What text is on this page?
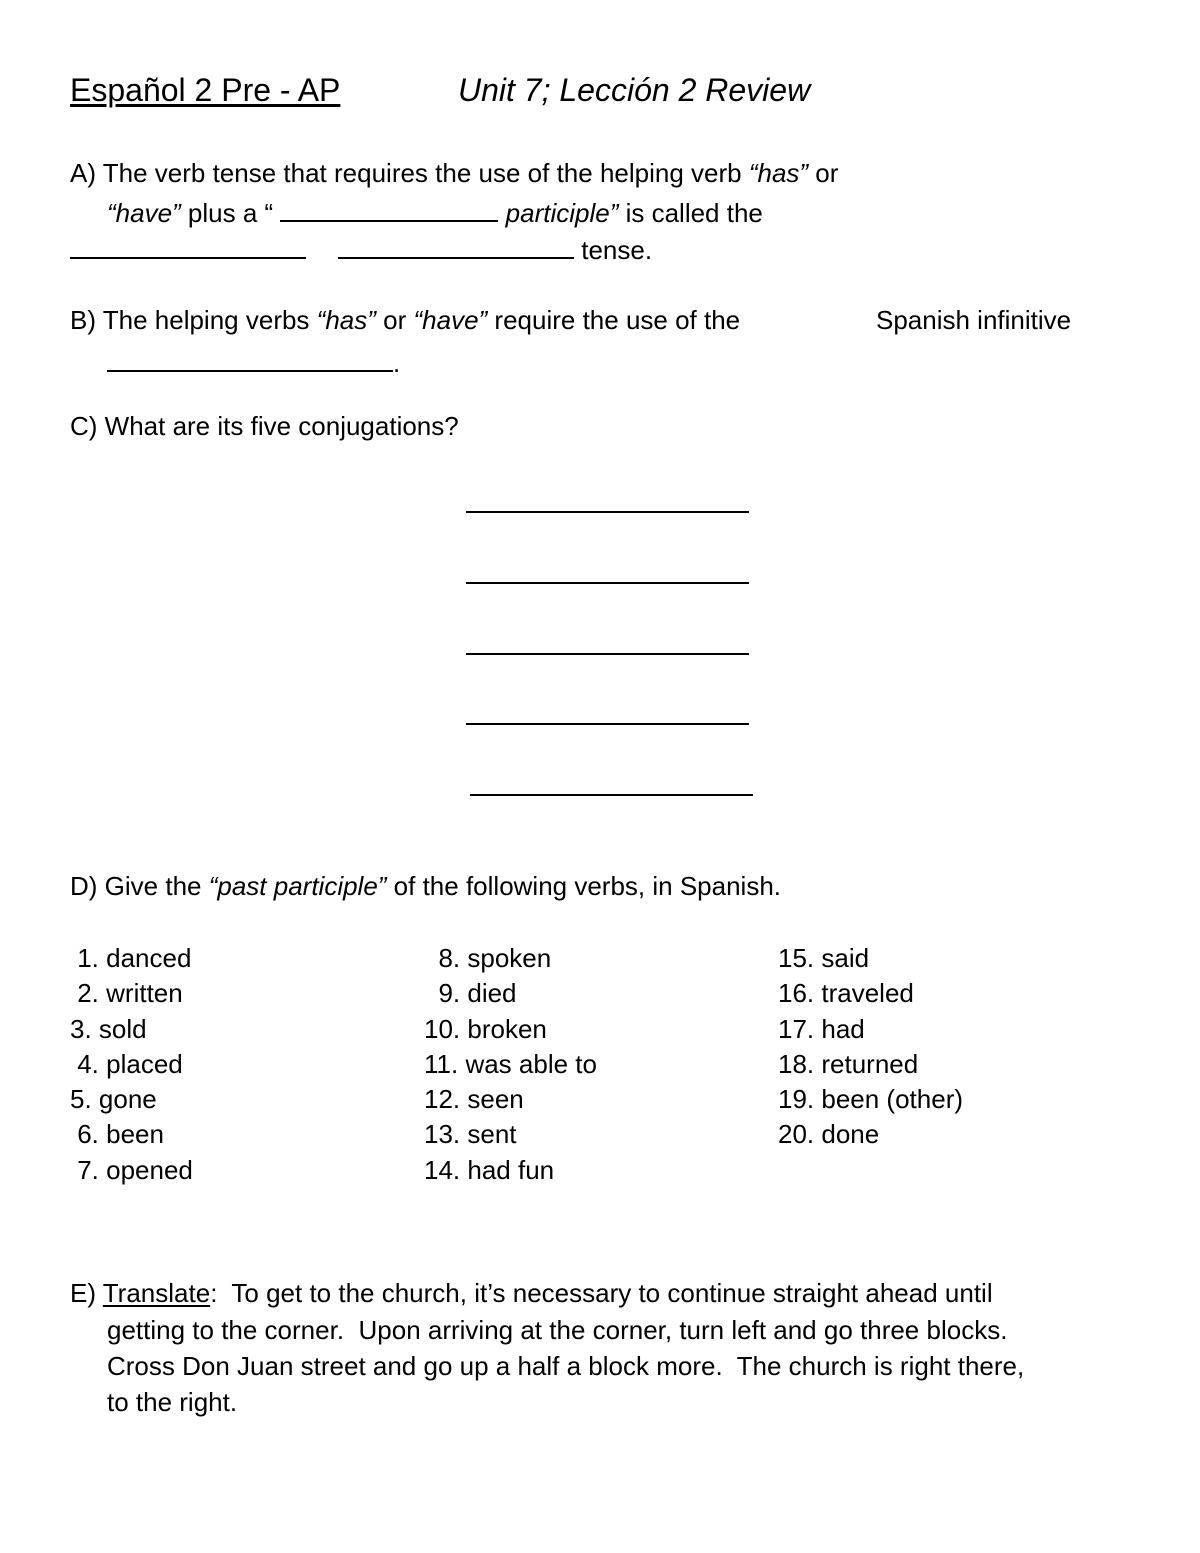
Español 2 Pre - AP	Unit 7; Lección 2 Review
A) The verb tense that requires the use of the helping verb “has” or
“have” plus a “	participle” is called the
tense.
B) The helping verbs “has” or “have” require the use of the	Spanish infinitive
.
C) What are its five conjugations?
D) Give the “past participle” of the following verbs, in Spanish.
1. danced
2. written
3. sold
4. placed
5. gone
6. been
7. opened
8. spoken
9. died
10. broken
11. was able to
12. seen
13. sent
14. had fun
15. said
16. traveled
17. had
18. returned
19. been (other)
20. done
E) Translate:  To get to the church, it’s necessary to continue straight ahead until
getting to the corner.  Upon arriving at the corner, turn left and go three blocks.
Cross Don Juan street and go up a half a block more.  The church is right there,
to the right.
